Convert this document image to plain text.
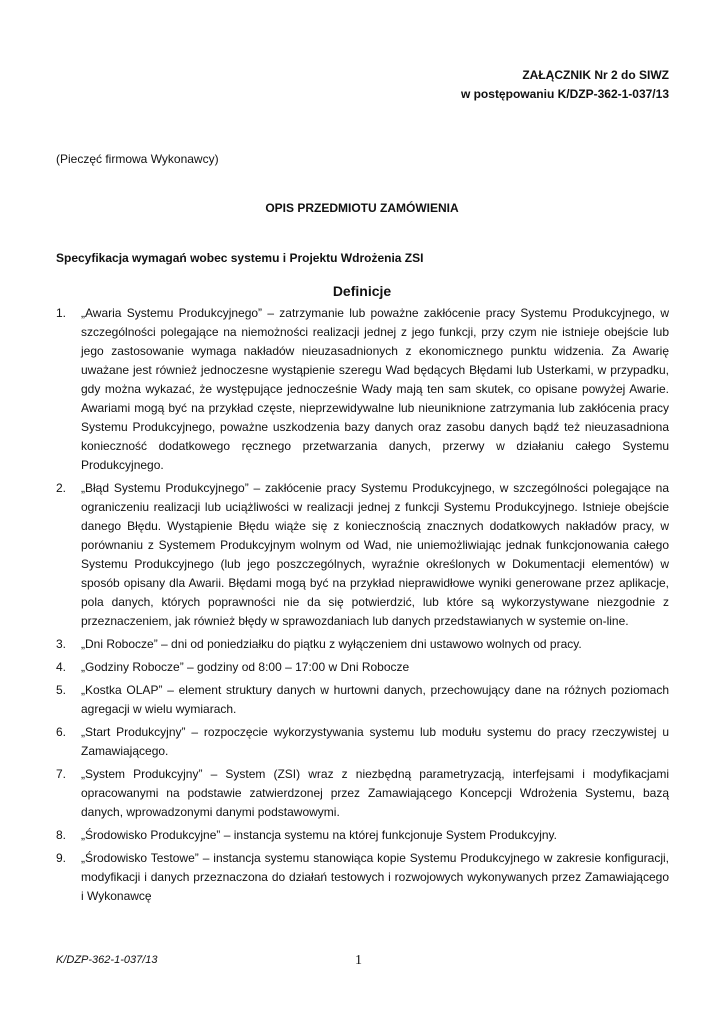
ZAŁĄCZNIK Nr 2 do SIWZ
w postępowaniu K/DZP-362-1-037/13
(Pieczęć firmowa Wykonawcy)
OPIS PRZEDMIOTU ZAMÓWIENIA
Specyfikacja wymagań wobec systemu i Projektu Wdrożenia ZSI
Definicje
1.	„Awaria Systemu Produkcyjnego” – zatrzymanie lub poważne zakłócenie pracy Systemu Produkcyjnego, w szczególności polegające na niemożności realizacji jednej z jego funkcji, przy czym nie istnieje obejście lub jego zastosowanie wymaga nakładów nieuzasadnionych z ekonomicznego punktu widzenia. Za Awarię uważane jest również jednoczesne wystąpienie szeregu Wad będących Błędami lub Usterkami, w przypadku, gdy można wykazać, że występujące jednocześnie Wady mają ten sam skutek, co opisane powyżej Awarie. Awariami mogą być na przykład częste, nieprzewidywalne lub nieuniknione zatrzymania lub zakłócenia pracy Systemu Produkcyjnego, poważne uszkodzenia bazy danych oraz zasobu danych bądź też nieuzasadniona konieczność dodatkowego ręcznego przetwarzania danych, przerwy w działaniu całego Systemu Produkcyjnego.
2.	„Błąd Systemu Produkcyjnego” – zakłócenie pracy Systemu Produkcyjnego, w szczególności polegające na ograniczeniu realizacji lub uciążliwości w realizacji jednej z funkcji Systemu Produkcyjnego. Istnieje obejście danego Błędu. Wystąpienie Błędu wiąże się z koniecznością znacznych dodatkowych nakładów pracy, w porównaniu z Systemem Produkcyjnym wolnym od Wad, nie uniemożliwiając jednak funkcjonowania całego Systemu Produkcyjnego (lub jego poszczególnych, wyraźnie określonych w Dokumentacji elementów) w sposób opisany dla Awarii. Błędami mogą być na przykład nieprawidłowe wyniki generowane przez aplikacje, pola danych, których poprawności nie da się potwierdzić, lub które są wykorzystywane niezgodnie z przeznaczeniem, jak również błędy w sprawozdaniach lub danych przedstawianych w systemie on-line.
3.	„Dni Robocze” – dni od poniedziałku do piątku z wyłączeniem dni ustawowo wolnych od pracy.
4.	„Godziny Robocze” – godziny od 8:00 – 17:00 w Dni Robocze
5.	„Kostka OLAP” – element struktury danych w hurtowni danych, przechowujący dane na różnych poziomach agregacji w wielu wymiarach.
6.	„Start Produkcyjny” – rozpoczęcie wykorzystywania systemu lub modułu systemu do pracy rzeczywistej u Zamawiającego.
7.	„System Produkcyjny” – System (ZSI) wraz z niezbędną parametryzacją, interfejsami i modyfikacjami opracowanymi na podstawie zatwierdzonej przez Zamawiającego Koncepcji Wdrożenia Systemu, bazą danych, wprowadzonymi danymi podstawowymi.
8.	„Środowisko Produkcyjne” – instancja systemu na której funkcjonuje System Produkcyjny.
9.	„Środowisko Testowe” – instancja systemu stanowiąca kopie Systemu Produkcyjnego w zakresie konfiguracji, modyfikacji i danych przeznaczona do działań testowych i rozwojowych wykonywanych przez Zamawiającego i Wykonawcę
K/DZP-362-1-037/13	1
